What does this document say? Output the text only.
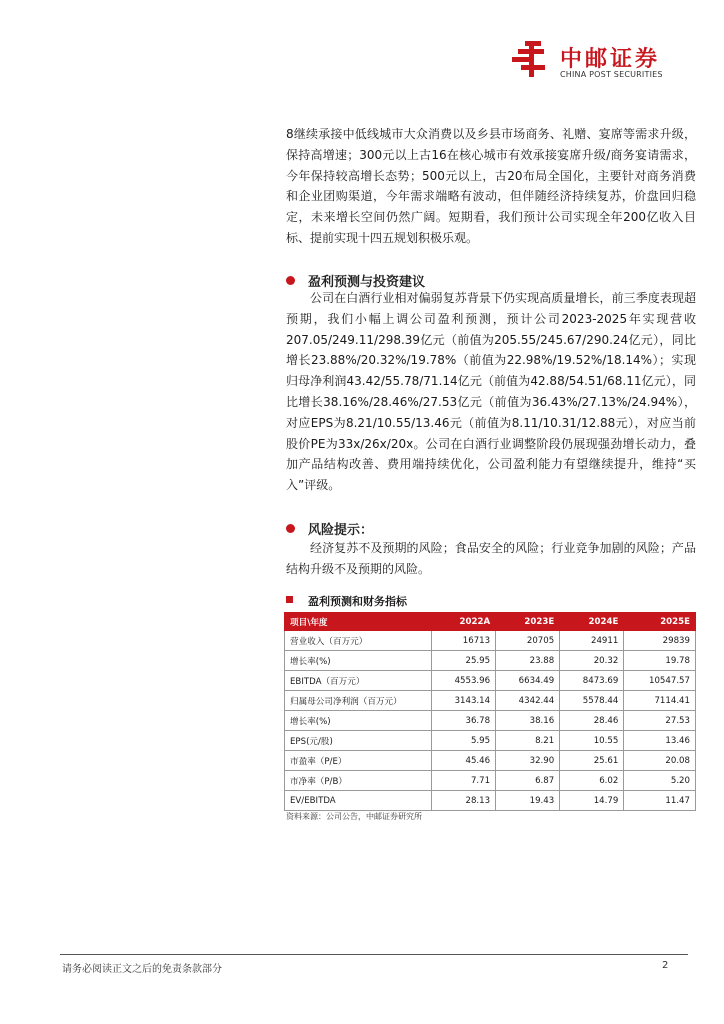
中邮证券
CHINA POST SECURITIES

8继续承接中低线城市大众消费以及乡县市场商务、礼赠、宴席等需求升级，保持高增速；300元以上古16在核心城市有效承接宴席升级/商务宴请需求，今年保持较高增长态势；500元以上，古20布局全国化，主要针对商务消费和企业团购渠道，今年需求端略有波动，但伴随经济持续复苏，价盘回归稳定，未来增长空间仍然广阔。短期看，我们预计公司实现全年200亿收入目标、提前实现十四五规划积极乐观。

盈利预测与投资建议

公司在白酒行业相对偏弱复苏背景下仍实现高质量增长，前三季度表现超预期，我们小幅上调公司盈利预测，预计公司2023-2025年实现营收207.05/249.11/298.39亿元（前值为205.55/245.67/290.24亿元），同比增长23.88%/20.32%/19.78%（前值为22.98%/19.52%/18.14%）；实现归母净利润43.42/55.78/71.14亿元（前值为42.88/54.51/68.11亿元），同比增长38.16%/28.46%/27.53亿元（前值为36.43%/27.13%/24.94%），对应EPS为8.21/10.55/13.46元（前值为8.11/10.31/12.88元），对应当前股价PE为33x/26x/20x。公司在白酒行业调整阶段仍展现强劲增长动力，叠加产品结构改善、费用端持续优化，公司盈利能力有望继续提升，维持“买入”评级。

风险提示：

经济复苏不及预期的风险；食品安全的风险；行业竞争加剧的风险；产品结构升级不及预期的风险。

盈利预测和财务指标
项目\年度	2022A	2023E	2024E	2025E
营业收入（百万元）	16713	20705	24911	29839
增长率(%)	25.95	23.88	20.32	19.78
EBITDA（百万元）	4553.96	6634.49	8473.69	10547.57
归属母公司净利润（百万元）	3143.14	4342.44	5578.44	7114.41
增长率(%)	36.78	38.16	28.46	27.53
EPS(元/股)	5.95	8.21	10.55	13.46
市盈率（P/E）	45.46	32.90	25.61	20.08
市净率（P/B）	7.71	6.87	6.02	5.20
EV/EBITDA	28.13	19.43	14.79	11.47
资料来源：公司公告，中邮证券研究所
请务必阅读正文之后的免责条款部分	2
